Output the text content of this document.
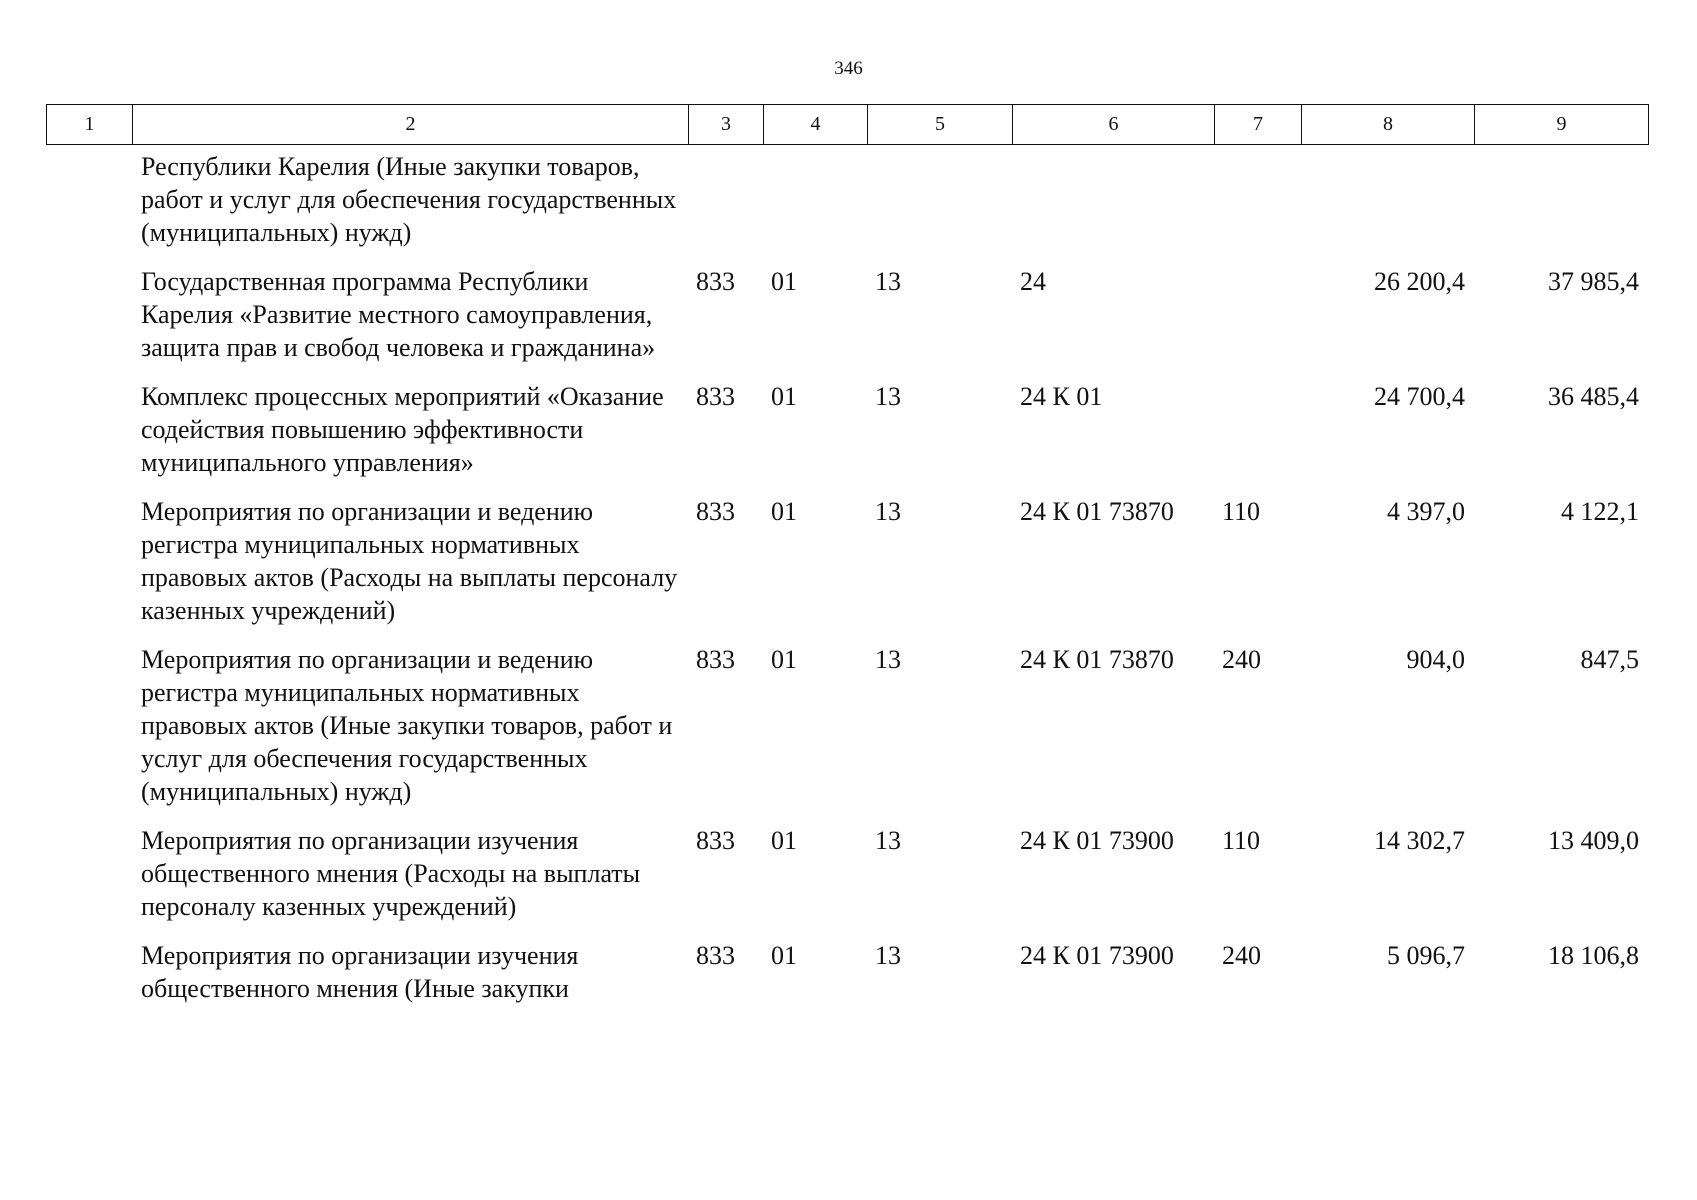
346
1	2	3	4	5	6	7	8	9
	Республики Карелия (Иные закупки товаров, работ и услуг для обеспечения государственных (муниципальных) нужд)							
	Государственная программа Республики Карелия «Развитие местного самоуправления, защита прав и свобод человека и гражданина»	833	01	13	24		26 200,4	37 985,4
	Комплекс процессных мероприятий «Оказание содействия повышению эффективности муниципального управления»	833	01	13	24 К 01		24 700,4	36 485,4
	Мероприятия по организации и ведению регистра муниципальных нормативных правовых актов (Расходы на выплаты персоналу казенных учреждений)	833	01	13	24 К 01 73870	110	4 397,0	4 122,1
	Мероприятия по организации и ведению регистра муниципальных нормативных правовых актов (Иные закупки товаров, работ и услуг для обеспечения государственных (муниципальных) нужд)	833	01	13	24 К 01 73870	240	904,0	847,5
	Мероприятия по организации изучения общественного мнения (Расходы на выплаты персоналу казенных учреждений)	833	01	13	24 К 01 73900	110	14 302,7	13 409,0
	Мероприятия по организации изучения общественного мнения (Иные закупки	833	01	13	24 К 01 73900	240	5 096,7	18 106,8
